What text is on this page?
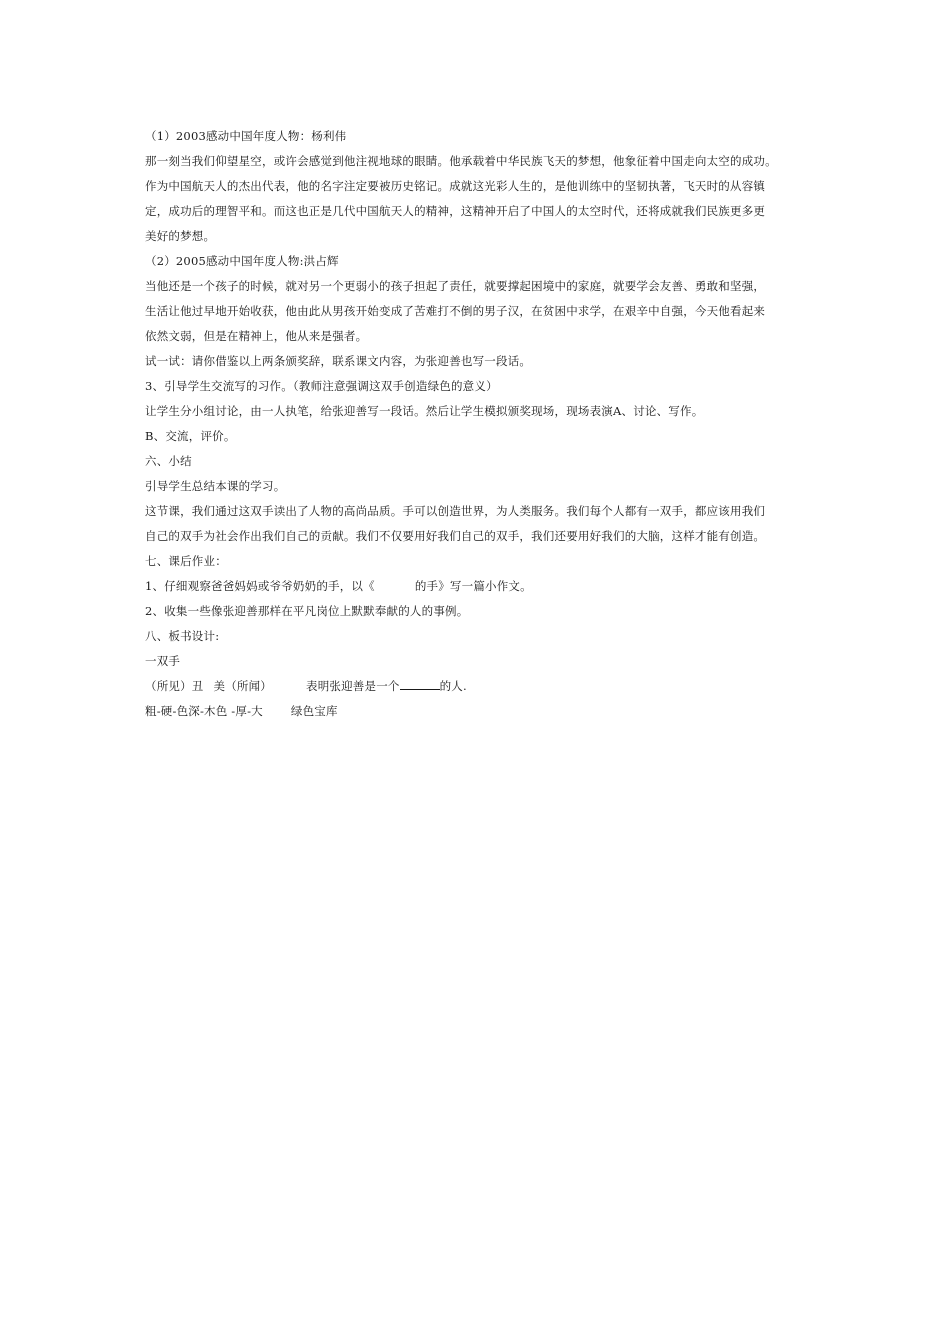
（1）2003感动中国年度人物：杨利伟
那一刻当我们仰望星空，或许会感觉到他注视地球的眼睛。他承载着中华民族飞天的梦想，他象征着中国走向太空的成功。
作为中国航天人的杰出代表，他的名字注定要被历史铭记。成就这光彩人生的，是他训练中的坚韧执著，飞天时的从容镇
定，成功后的理智平和。而这也正是几代中国航天人的精神，这精神开启了中国人的太空时代，还将成就我们民族更多更
美好的梦想。
（2）2005感动中国年度人物:洪占辉
当他还是一个孩子的时候，就对另一个更弱小的孩子担起了责任，就要撑起困境中的家庭，就要学会友善、勇敢和坚强，
生活让他过早地开始收获，他由此从男孩开始变成了苦难打不倒的男子汉，在贫困中求学，在艰辛中自强，今天他看起来
依然文弱，但是在精神上，他从来是强者。
试一试：请你借鉴以上两条颁奖辞，联系课文内容，为张迎善也写一段话。
3、引导学生交流写的习作。（教师注意强调这双手创造绿色的意义）
让学生分小组讨论，由一人执笔，给张迎善写一段话。然后让学生模拟颁奖现场，现场表演A、讨论、写作。
B、交流，评价。
六、小结
引导学生总结本课的学习。
这节课，我们通过这双手读出了人物的高尚品质。手可以创造世界，为人类服务。我们每个人都有一双手，都应该用我们
自己的双手为社会作出我们自己的贡献。我们不仅要用好我们自己的双手，我们还要用好我们的大脑，这样才能有创造。
七、课后作业：
1、仔细观察爸爸妈妈或爷爷奶奶的手，以《	的手》写一篇小作文。
2、收集一些像张迎善那样在平凡岗位上默默奉献的人的事例。
八、板书设计:
一双手
（所见）丑 美（所闻）	表明张迎善是一个	的人.
粗-硬-色深-木色 -厚-大 绿色宝库
